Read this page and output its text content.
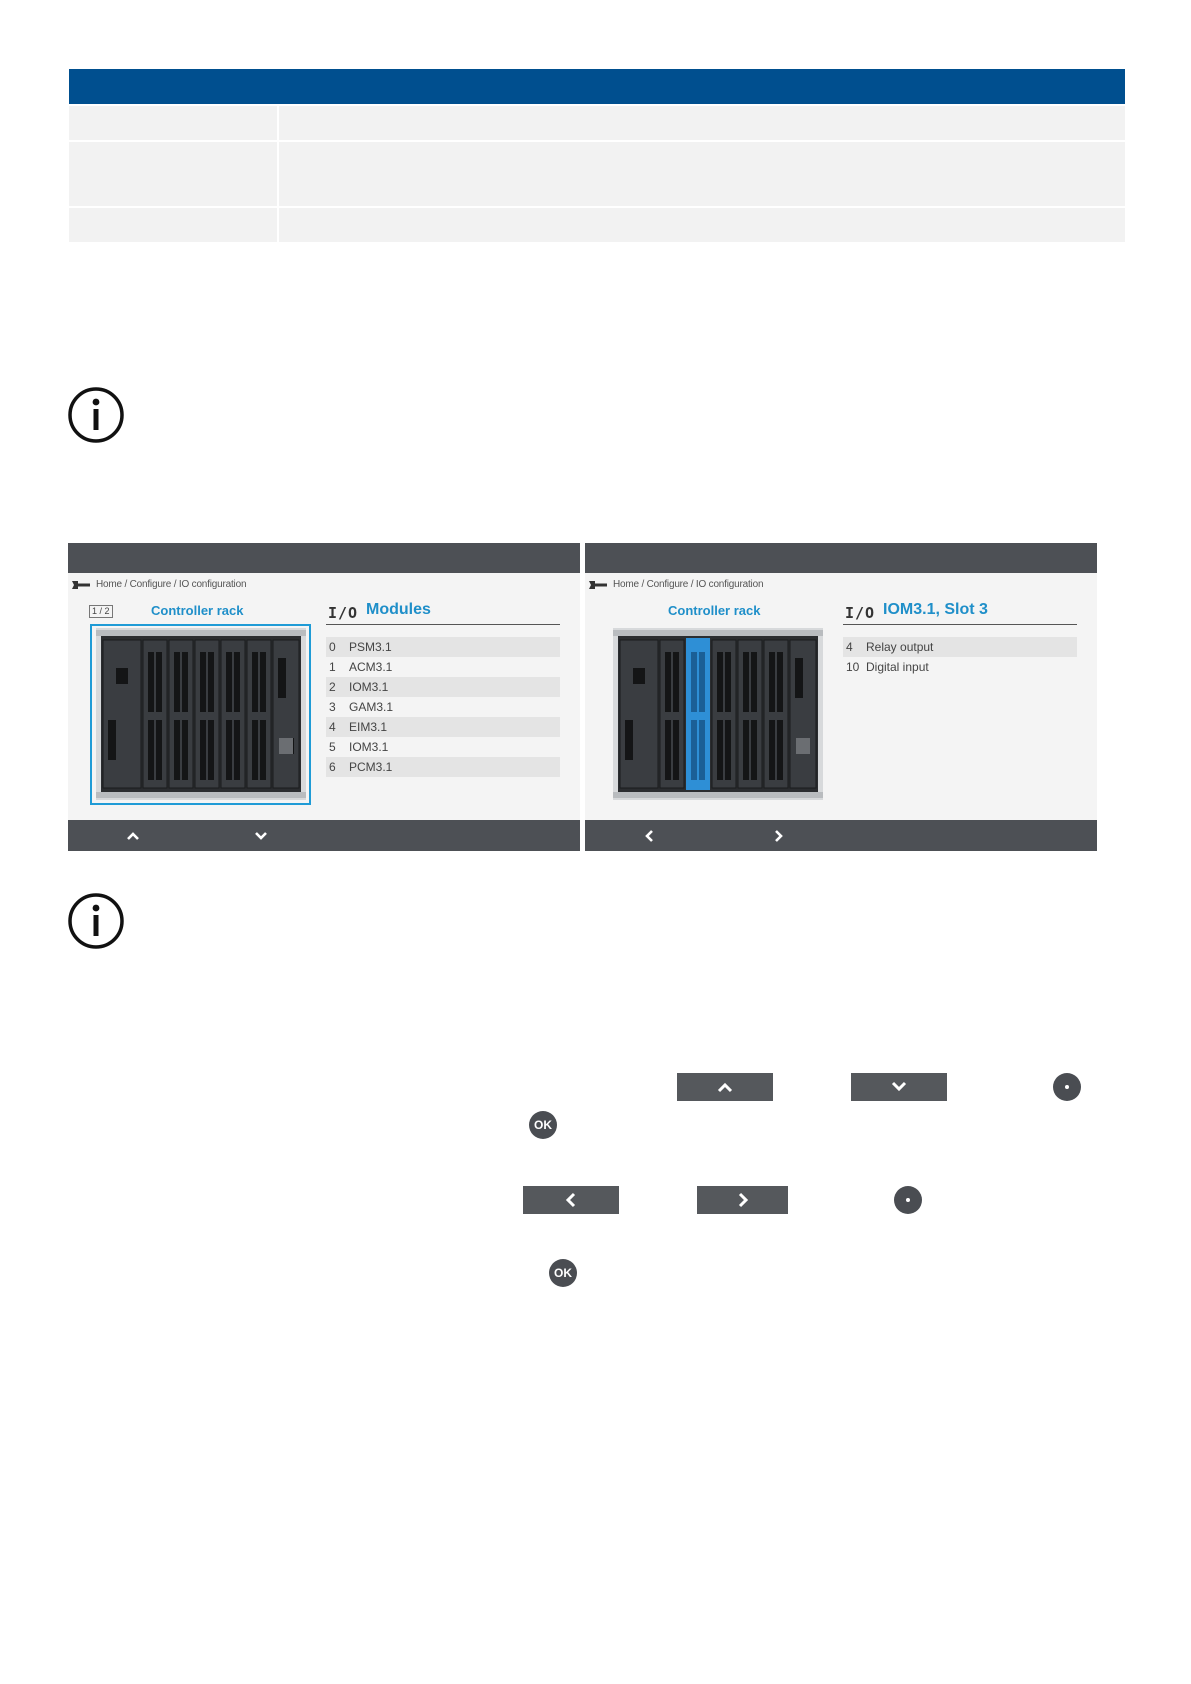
Home / Configure / IO configuration
1 / 2	Controller rack	I/O Modules
0	PSM3.1
1	ACM3.1
2	IOM3.1
3	GAM3.1
4	EIM3.1
5	IOM3.1
6	PCM3.1
Home / Configure / IO configuration
Controller rack	I/O IOM3.1, Slot 3
4	Relay output
10 Digital input
OK
OK
